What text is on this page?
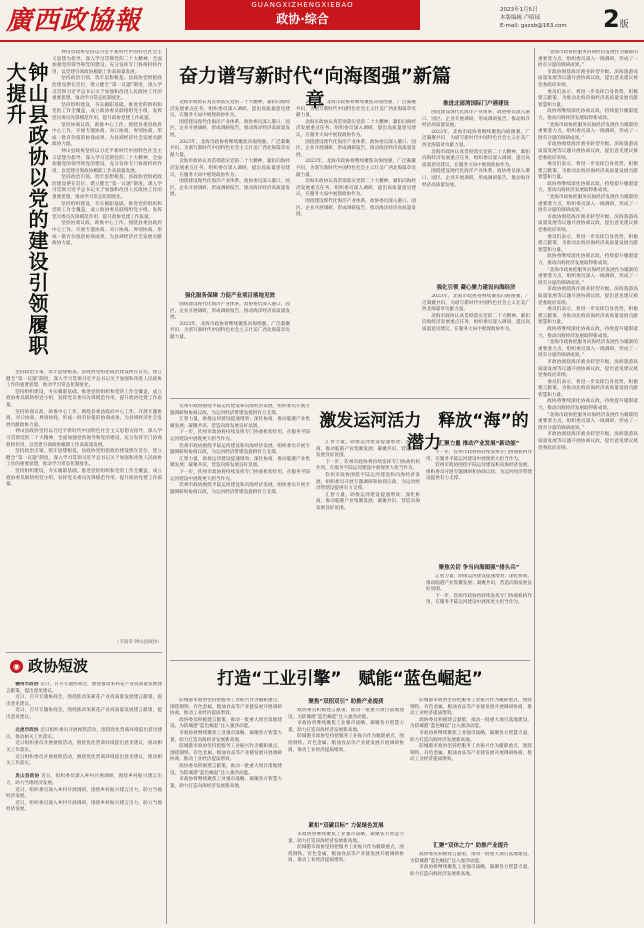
廣西政協報
GUANGXIZHENGXIEBAO
政协·综合
2023年1月5日
本版编辑 卢昭瑶
E-mail: gxzxb@163.com	2版
钟山县政协以党的建设引领履职大提升

钟山县政协坚持以习近平新时代中国特色社会主义思想为指导，深入学习贯彻党的二十大精神，全面加强党的领导和党的建设，充分发挥专门协商机构作用，以党建引领政协履职工作高质量发展。

坚持政治引领，筑牢思想根基。县政协党组把政治建设摆在首位，建立健全“第一议题”制度，深入学习贯彻习近平总书记关于加强和改进人民政协工作的重要思想，推动学习常态化制度化。

坚持组织建设，夯实履职基础。推进党的组织和党的工作全覆盖，成立政协委员联络组党小组，发挥党员委员先锋模范作用，提升政协党建工作质量。

坚持协商议政，助推中心工作。围绕县委县政府中心工作，开展专题协商、对口协商、界别协商，形成一批有价值的协商成果，为县域经济社会发展贡献政协力量。

钟山县政协坚持以习近平新时代中国特色社会主义思想为指导，深入学习贯彻党的二十大精神，全面加强党的领导和党的建设，充分发挥专门协商机构作用，以党建引领政协履职工作高质量发展。

坚持政治引领，筑牢思想根基。县政协党组把政治建设摆在首位，建立健全“第一议题”制度，深入学习贯彻习近平总书记关于加强和改进人民政协工作的重要思想，推动学习常态化制度化。

坚持组织建设，夯实履职基础。推进党的组织和党的工作全覆盖，成立政协委员联络组党小组，发挥党员委员先锋模范作用，提升政协党建工作质量。

坚持协商议政，助推中心工作。围绕县委县政府中心工作，开展专题协商、对口协商、界别协商，形成一批有价值的协商成果，为县域经济社会发展贡献政协力量。

坚持政治引领，筑牢思想根基。县政协党组把政治建设摆在首位，建立健全“第一议题”制度，深入学习贯彻习近平总书记关于加强和改进人民政协工作的重要思想，推动学习常态化制度化。

坚持组织建设，夯实履职基础。推进党的组织和党的工作全覆盖，成立政协委员联络组党小组，发挥党员委员先锋模范作用，提升政协党建工作质量。

坚持协商议政，助推中心工作。围绕县委县政府中心工作，开展专题协商、对口协商、界别协商，形成一批有价值的协商成果，为县域经济社会发展贡献政协力量。

钟山县政协坚持以习近平新时代中国特色社会主义思想为指导，深入学习贯彻党的二十大精神，全面加强党的领导和党的建设，充分发挥专门协商机构作用，以党建引领政协履职工作高质量发展。

坚持政治引领，筑牢思想根基。县政协党组把政治建设摆在首位，建立健全“第一议题”制度，深入学习贯彻习近平总书记关于加强和改进人民政协工作的重要思想，推动学习常态化制度化。

坚持组织建设，夯实履职基础。推进党的组织和党的工作全覆盖，成立政协委员联络组党小组，发挥党员委员先锋模范作用，提升政协党建工作质量。

（韦国华 钟山县政协）
◉ 政协短波

横州市政协 近日，召开专题协商会，围绕推动茉莉花产业高质量发展建言献策，提出意见建议。

近日，召开专题协商会，围绕推动茉莉花产业高质量发展建言献策，提出意见建议。

近日，召开专题协商会，围绕推动茉莉花产业高质量发展建言献策，提出意见建议。

北流市政协 近日组织委员开展视察活动，围绕优化营商环境提出意见建议，推动相关工作落实。

近日组织委员开展视察活动，围绕优化营商环境提出意见建议，推动相关工作落实。

近日组织委员开展视察活动，围绕优化营商环境提出意见建议，推动相关工作落实。

灵山县政协 近日，组织委员深入乡村开展调研，围绕乡村振兴建言出力，助力当地经济发展。

近日，组织委员深入乡村开展调研，围绕乡村振兴建言出力，助力当地经济发展。

近日，组织委员深入乡村开展调研，围绕乡村振兴建言出力，助力当地经济发展。

奋力谱写新时代“向海图强”新篇章

北海市政协认真贯彻落实党的二十大精神，紧扣向海经济发展重点任务，组织委员深入调研，提出高质量意见建议，在服务大局中展现政协作为。

围绕建设现代化海洋产业体系，政协委员深入港口、园区、企业开展调研，形成调研报告，推动海洋经济高质量发展。

2023年，北海市政协将继续聚焦向海图强，广泛凝聚共识，为谱写新时代中国特色社会主义壮美广西北海篇章贡献力量。

北海市政协认真贯彻落实党的二十大精神，紧扣向海经济发展重点任务，组织委员深入调研，提出高质量意见建议，在服务大局中展现政协作为。

围绕建设现代化海洋产业体系，政协委员深入港口、园区、企业开展调研，形成调研报告，推动海洋经济高质量发展。

强化服务保障 力促产业项目落地见效

围绕建设现代化海洋产业体系，政协委员深入港口、园区、企业开展调研，形成调研报告，推动海洋经济高质量发展。

2023年，北海市政协将继续聚焦向海图强，广泛凝聚共识，为谱写新时代中国特色社会主义壮美广西北海篇章贡献力量。

2023年，北海市政协将继续聚焦向海图强，广泛凝聚共识，为谱写新时代中国特色社会主义壮美广西北海篇章贡献力量。

北海市政协认真贯彻落实党的二十大精神，紧扣向海经济发展重点任务，组织委员深入调研，提出高质量意见建议，在服务大局中展现政协作为。

围绕建设现代化海洋产业体系，政协委员深入港口、园区、企业开展调研，形成调研报告，推动海洋经济高质量发展。

2023年，北海市政协将继续聚焦向海图强，广泛凝聚共识，为谱写新时代中国特色社会主义壮美广西北海篇章贡献力量。

北海市政协认真贯彻落实党的二十大精神，紧扣向海经济发展重点任务，组织委员深入调研，提出高质量意见建议，在服务大局中展现政协作为。

围绕建设现代化海洋产业体系，政协委员深入港口、园区、企业开展调研，形成调研报告，推动海洋经济高质量发展。

推进北部湾国际门户港建设

围绕建设现代化海洋产业体系，政协委员深入港口、园区、企业开展调研，形成调研报告，推动海洋经济高质量发展。

2023年，北海市政协将继续聚焦向海图强，广泛凝聚共识，为谱写新时代中国特色社会主义壮美广西北海篇章贡献力量。

北海市政协认真贯彻落实党的二十大精神，紧扣向海经济发展重点任务，组织委员深入调研，提出高质量意见建议，在服务大局中展现政协作为。

围绕建设现代化海洋产业体系，政协委员深入港口、园区、企业开展调研，形成调研报告，推动海洋经济高质量发展。

强化引领 凝心聚力建设向海经济

2023年，北海市政协将继续聚焦向海图强，广泛凝聚共识，为谱写新时代中国特色社会主义壮美广西北海篇章贡献力量。

北海市政协认真贯彻落实党的二十大精神，紧扣向海经济发展重点任务，组织委员深入调研，提出高质量意见建议，在服务大局中展现政协作为。

“北海市政协把服务向海经济发展作为履职的重要着力点，组织委员深入一线调研，形成了一批有分量的调研成果。”

市政协围绕海洋渔业转型升级、滨海旅游高质量发展等议题开展协商议政，提出意见建议被党委政府采纳。

委员们表示，将进一步发挥自身优势，积极建言献策，为推动北海向海经济高质量发展贡献智慧和力量。

政协将继续深化协商议政，持续提升履职能力，推动向海经济发展取得新成效。

“北海市政协把服务向海经济发展作为履职的重要着力点，组织委员深入一线调研，形成了一批有分量的调研成果。”

市政协围绕海洋渔业转型升级、滨海旅游高质量发展等议题开展协商议政，提出意见建议被党委政府采纳。

委员们表示，将进一步发挥自身优势，积极建言献策，为推动北海向海经济高质量发展贡献智慧和力量。

政协将继续深化协商议政，持续提升履职能力，推动向海经济发展取得新成效。

“北海市政协把服务向海经济发展作为履职的重要着力点，组织委员深入一线调研，形成了一批有分量的调研成果。”

市政协围绕海洋渔业转型升级、滨海旅游高质量发展等议题开展协商议政，提出意见建议被党委政府采纳。

委员们表示，将进一步发挥自身优势，积极建言献策，为推动北海向海经济高质量发展贡献智慧和力量。

政协将继续深化协商议政，持续提升履职能力，推动向海经济发展取得新成效。

“北海市政协把服务向海经济发展作为履职的重要着力点，组织委员深入一线调研，形成了一批有分量的调研成果。”

市政协围绕海洋渔业转型升级、滨海旅游高质量发展等议题开展协商议政，提出意见建议被党委政府采纳。

委员们表示，将进一步发挥自身优势，积极建言献策，为推动北海向海经济高质量发展贡献智慧和力量。

政协将继续深化协商议政，持续提升履职能力，推动向海经济发展取得新成效。

“北海市政协把服务向海经济发展作为履职的重要着力点，组织委员深入一线调研，形成了一批有分量的调研成果。”

市政协围绕海洋渔业转型升级、滨海旅游高质量发展等议题开展协商议政，提出意见建议被党委政府采纳。

委员们表示，将进一步发挥自身优势，积极建言献策，为推动北海向海经济高质量发展贡献智慧和力量。

政协将继续深化协商议政，持续提升履职能力，推动向海经济发展取得新成效。

“北海市政协把服务向海经济发展作为履职的重要着力点，组织委员深入一线调研，形成了一批有分量的调研成果。”

市政协围绕海洋渔业转型升级、滨海旅游高质量发展等议题开展协商议政，提出意见建议被党委政府采纳。

钦州市政协围绕平陆运河建设和向海经济发展，组织委员开展专题调研和协商议政，为运河经济带建设提供有力支撑。

汇智力量，助推运河建设提速增效；深化协商，推动临港产业集聚发展；凝聚共识，营造向海发展良好氛围。

下一步，钦州市政协将持续发挥专门协商机构作用，在服务平陆运河建设中展现更大担当作为。

钦州市政协围绕平陆运河建设和向海经济发展，组织委员开展专题调研和协商议政，为运河经济带建设提供有力支撑。

汇智力量，助推运河建设提速增效；深化协商，推动临港产业集聚发展；凝聚共识，营造向海发展良好氛围。

下一步，钦州市政协将持续发挥专门协商机构作用，在服务平陆运河建设中展现更大担当作为。

钦州市政协围绕平陆运河建设和向海经济发展，组织委员开展专题调研和协商议政，为运河经济带建设提供有力支撑。

激发运河活力　释放“海”的潜力

汇智力量，助推运河建设提速增效；深化协商，推动临港产业集聚发展；凝聚共识，营造向海发展良好氛围。

下一步，钦州市政协将持续发挥专门协商机构作用，在服务平陆运河建设中展现更大担当作为。

钦州市政协围绕平陆运河建设和向海经济发展，组织委员开展专题调研和协商议政，为运河经济带建设提供有力支撑。

汇智力量，助推运河建设提速增效；深化协商，推动临港产业集聚发展；凝聚共识，营造向海发展良好氛围。

汇聚力量 推动产业发展“新动能”

下一步，钦州市政协将持续发挥专门协商机构作用，在服务平陆运河建设中展现更大担当作为。

钦州市政协围绕平陆运河建设和向海经济发展，组织委员开展专题调研和协商议政，为运河经济带建设提供有力支撑。

聚焦关切 争当向海图强“排头兵”

汇智力量，助推运河建设提速增效；深化协商，推动临港产业集聚发展；凝聚共识，营造向海发展良好氛围。

下一步，钦州市政协将持续发挥专门协商机构作用，在服务平陆运河建设中展现更大担当作为。

打造“工业引擎”　赋能“蓝色崛起”

防城港市政协坚持把服务工业振兴作为履职重点，围绕钢铁、有色金属、粮油食品等产业链发展开展调研协商，推动工业经济提质增效。

政协委员积极建言献策，推动一批重大项目落地建设，为防城港“蓝色崛起”注入强劲动能。

市政协将继续聚焦工业强市战略，凝聚各方智慧力量，助力打造向海经济发展新高地。

防城港市政协坚持把服务工业振兴作为履职重点，围绕钢铁、有色金属、粮油食品等产业链发展开展调研协商，推动工业经济提质增效。

政协委员积极建言献策，推动一批重大项目落地建设，为防城港“蓝色崛起”注入强劲动能。

市政协将继续聚焦工业强市战略，凝聚各方智慧力量，助力打造向海经济发展新高地。

聚焦“双招双引” 助推产业提质

政协委员积极建言献策，推动一批重大项目落地建设，为防城港“蓝色崛起”注入强劲动能。

市政协将继续聚焦工业强市战略，凝聚各方智慧力量，助力打造向海经济发展新高地。

防城港市政协坚持把服务工业振兴作为履职重点，围绕钢铁、有色金属、粮油食品等产业链发展开展调研协商，推动工业经济提质增效。

紧扣“双碳目标” 力促绿色发展

市政协将继续聚焦工业强市战略，凝聚各方智慧力量，助力打造向海经济发展新高地。

防城港市政协坚持把服务工业振兴作为履职重点，围绕钢铁、有色金属、粮油食品等产业链发展开展调研协商，推动工业经济提质增效。

防城港市政协坚持把服务工业振兴作为履职重点，围绕钢铁、有色金属、粮油食品等产业链发展开展调研协商，推动工业经济提质增效。

政协委员积极建言献策，推动一批重大项目落地建设，为防城港“蓝色崛起”注入强劲动能。

市政协将继续聚焦工业强市战略，凝聚各方智慧力量，助力打造向海经济发展新高地。

防城港市政协坚持把服务工业振兴作为履职重点，围绕钢铁、有色金属、粮油食品等产业链发展开展调研协商，推动工业经济提质增效。

汇聚“双休之力” 助推产业提升

政协委员积极建言献策，推动一批重大项目落地建设，为防城港“蓝色崛起”注入强劲动能。

市政协将继续聚焦工业强市战略，凝聚各方智慧力量，助力打造向海经济发展新高地。
